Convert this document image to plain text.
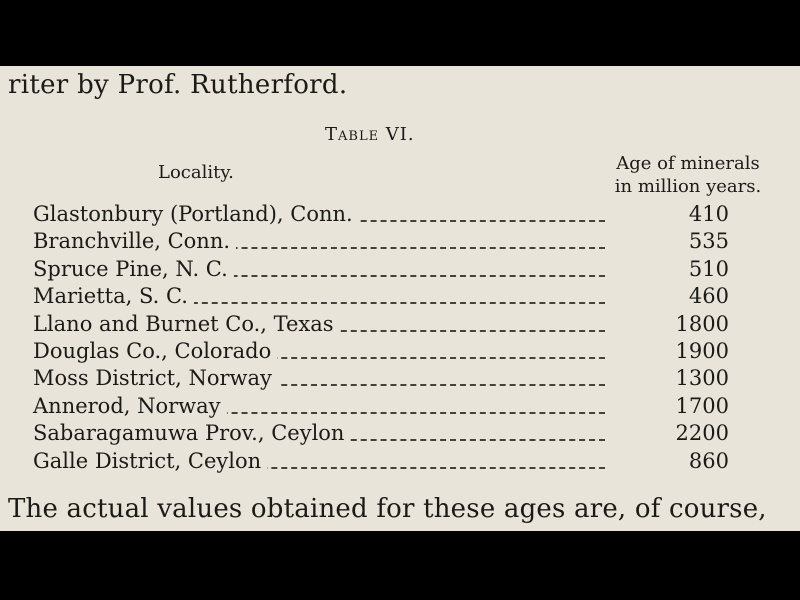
riter by Prof. Rutherford.
Table VI.
Locality.	Age of minerals
in million years.
Glastonbury (Portland), Conn.	410
Branchville, Conn.	535
Spruce Pine, N. C.	510
Marietta, S. C.	460
Llano and Burnet Co., Texas	1800
Douglas Co., Colorado	1900
Moss District, Norway	1300
Annerod, Norway	1700
Sabaragamuwa Prov., Ceylon	2200
Galle District, Ceylon	860
The actual values obtained for these ages are, of course,
